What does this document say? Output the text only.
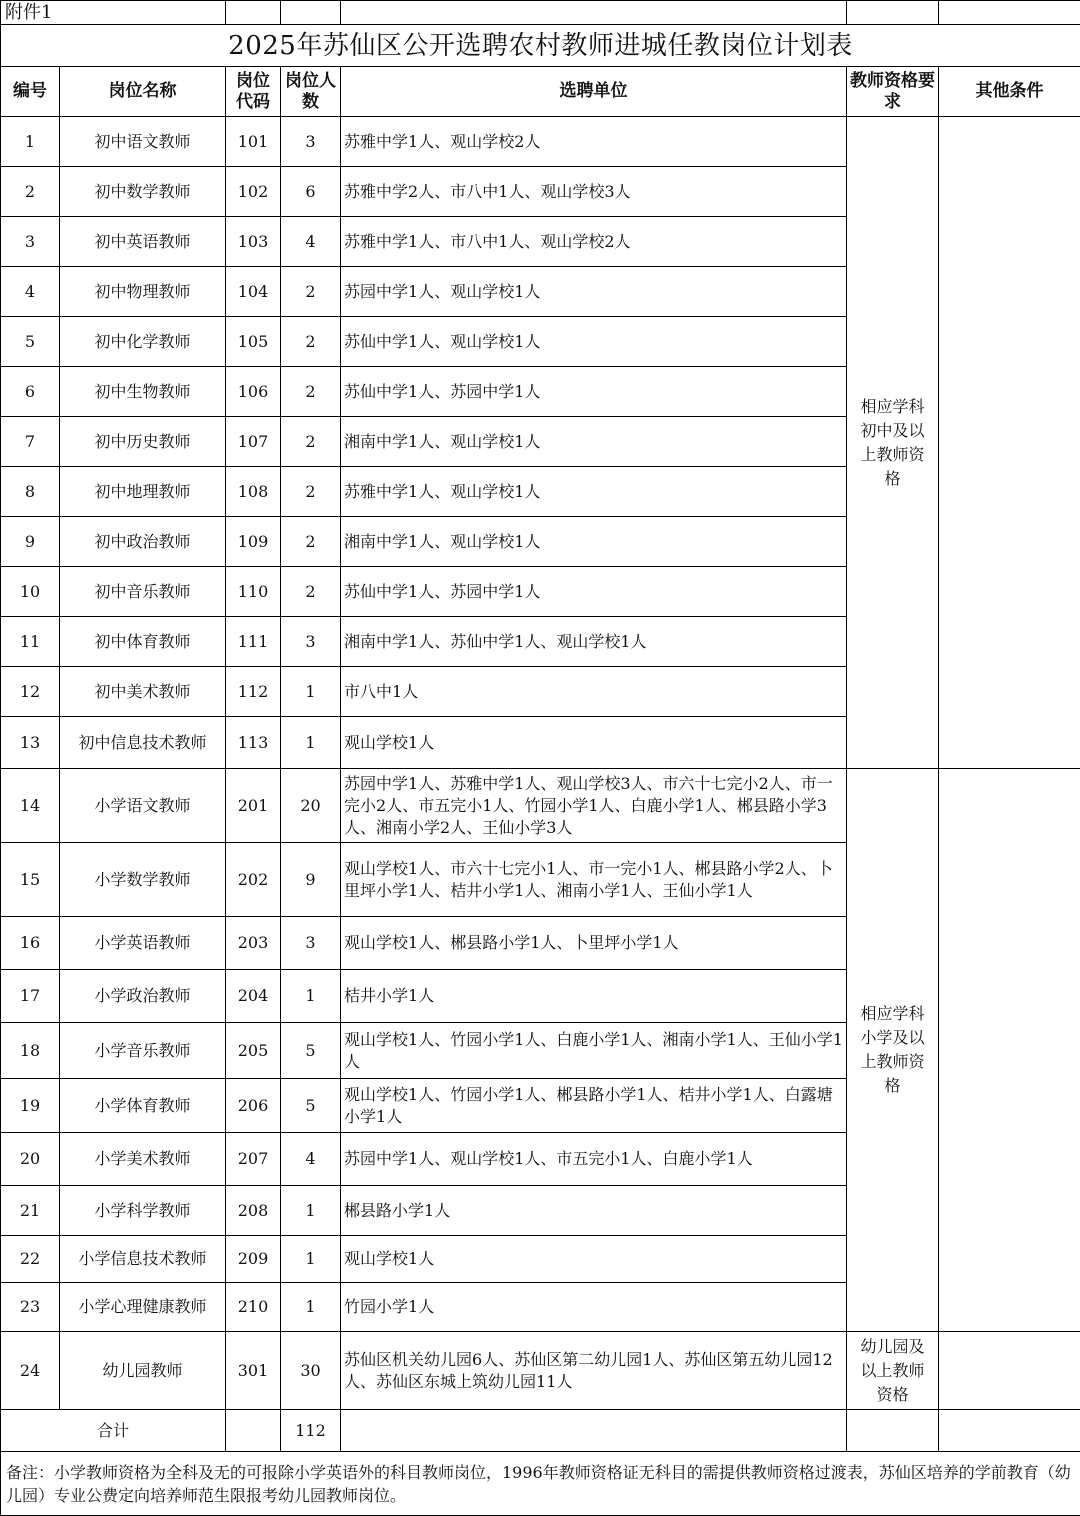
附件1						
2025年苏仙区公开选聘农村教师进城任教岗位计划表						
编号	岗位名称	岗位代码	岗位人数	选聘单位	教师资格要求	其他条件
1	初中语文教师	101	3	苏雅中学1人、观山学校2人	相应学科初中及以上教师资格	
2	初中数学教师	102	6	苏雅中学2人、市八中1人、观山学校3人		
3	初中英语教师	103	4	苏雅中学1人、市八中1人、观山学校2人		
4	初中物理教师	104	2	苏园中学1人、观山学校1人		
5	初中化学教师	105	2	苏仙中学1人、观山学校1人		
6	初中生物教师	106	2	苏仙中学1人、苏园中学1人		
7	初中历史教师	107	2	湘南中学1人、观山学校1人		
8	初中地理教师	108	2	苏雅中学1人、观山学校1人		
9	初中政治教师	109	2	湘南中学1人、观山学校1人		
10	初中音乐教师	110	2	苏仙中学1人、苏园中学1人		
11	初中体育教师	111	3	湘南中学1人、苏仙中学1人、观山学校1人		
12	初中美术教师	112	1	市八中1人		
13	初中信息技术教师	113	1	观山学校1人		
14	小学语文教师	201	20	苏园中学1人、苏雅中学1人、观山学校3人、市六十七完小2人、市一完小2人、市五完小1人、竹园小学1人、白鹿小学1人、郴县路小学3人、湘南小学2人、王仙小学3人	相应学科小学及以上教师资格	
15	小学数学教师	202	9	观山学校1人、市六十七完小1人、市一完小1人、郴县路小学2人、卜里坪小学1人、桔井小学1人、湘南小学1人、王仙小学1人		
16	小学英语教师	203	3	观山学校1人、郴县路小学1人、卜里坪小学1人		
17	小学政治教师	204	1	桔井小学1人		
18	小学音乐教师	205	5	观山学校1人、竹园小学1人、白鹿小学1人、湘南小学1人、王仙小学1人		
19	小学体育教师	206	5	观山学校1人、竹园小学1人、郴县路小学1人、桔井小学1人、白露塘小学1人		
20	小学美术教师	207	4	苏园中学1人、观山学校1人、市五完小1人、白鹿小学1人		
21	小学科学教师	208	1	郴县路小学1人		
22	小学信息技术教师	209	1	观山学校1人		
23	小学心理健康教师	210	1	竹园小学1人		
24	幼儿园教师	301	30	苏仙区机关幼儿园6人、苏仙区第二幼儿园1人、苏仙区第五幼儿园12人、苏仙区东城上筑幼儿园11人	幼儿园及以上教师资格	
合计			112			
备注：小学教师资格为全科及无的可报除小学英语外的科目教师岗位，1996年教师资格证无科目的需提供教师资格过渡表，苏仙区培养的学前教育（幼儿园）专业公费定向培养师范生限报考幼儿园教师岗位。						
